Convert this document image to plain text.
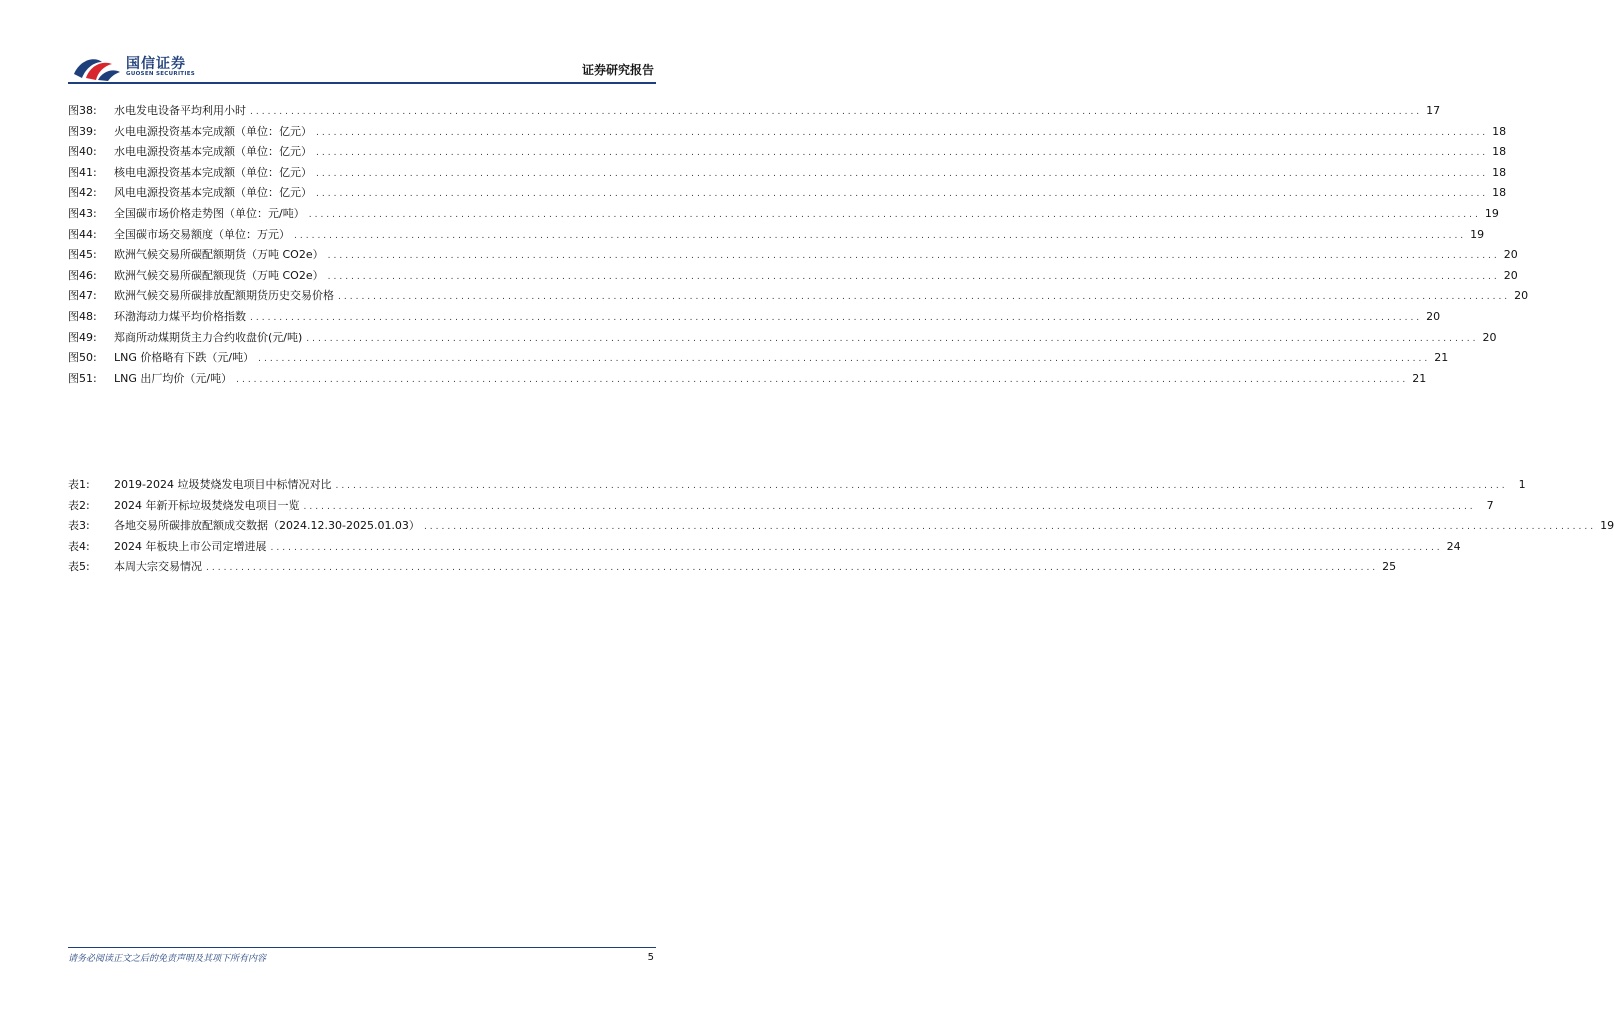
国信证券
GUOSEN SECURITIES	证券研究报告
图38:	水电发电设备平均利用小时 ........................................................................................................................................................................................................ 17
图39:	火电电源投资基本完成额（单位：亿元） ........................................................................................................................................................................................................ 18
图40:	水电电源投资基本完成额（单位：亿元） ........................................................................................................................................................................................................ 18
图41:	核电电源投资基本完成额（单位：亿元） ........................................................................................................................................................................................................ 18
图42:	风电电源投资基本完成额（单位：亿元） ........................................................................................................................................................................................................ 18
图43:	全国碳市场价格走势图（单位：元/吨） ........................................................................................................................................................................................................ 19
图44:	全国碳市场交易额度（单位：万元） ........................................................................................................................................................................................................ 19
图45:	欧洲气候交易所碳配额期货（万吨 CO2e） ........................................................................................................................................................................................................ 20
图46:	欧洲气候交易所碳配额现货（万吨 CO2e） ........................................................................................................................................................................................................ 20
图47:	欧洲气候交易所碳排放配额期货历史交易价格 ........................................................................................................................................................................................................ 20
图48:	环渤海动力煤平均价格指数 ........................................................................................................................................................................................................ 20
图49:	郑商所动煤期货主力合约收盘价(元/吨) ........................................................................................................................................................................................................ 20
图50:	LNG 价格略有下跌（元/吨） ........................................................................................................................................................................................................ 21
图51:	LNG 出厂均价（元/吨） ........................................................................................................................................................................................................ 21
表1:	2019-2024 垃圾焚烧发电项目中标情况对比 ........................................................................................................................................................................................................	1
表2:	2024 年新开标垃圾焚烧发电项目一览 ........................................................................................................................................................................................................	7
表3:	各地交易所碳排放配额成交数据（2024.12.30-2025.01.03） ........................................................................................................................................................................................................ 19
表4:	2024 年板块上市公司定增进展 ........................................................................................................................................................................................................ 24
表5:	本周大宗交易情况 ........................................................................................................................................................................................................ 25
请务必阅读正文之后的免责声明及其项下所有内容	5
